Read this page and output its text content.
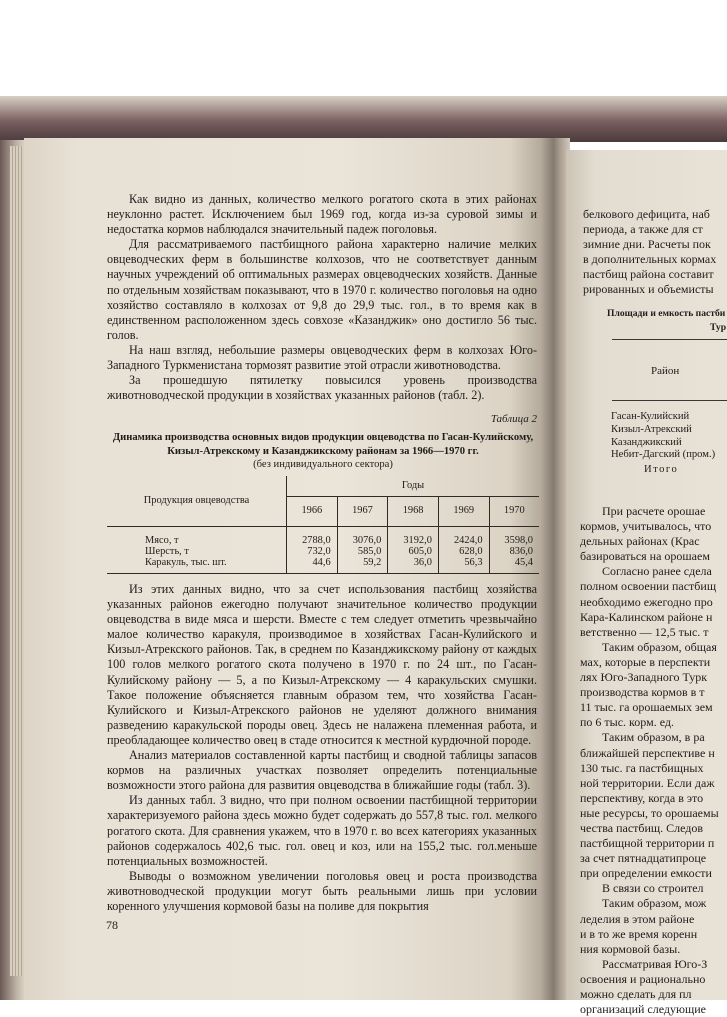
Как видно из данных, количество мелкого рогатого скота в этих районах неуклонно растет. Исключением был 1969 год, когда из-за суровой зимы и недостатка кормов наблюдался значительный падеж поголовья.

Для рассматриваемого пастбищного района характерно наличие мелких овцеводческих ферм в большинстве колхозов, что не соответствует данным научных учреждений об оптимальных размерах овцеводческих хозяйств. Данные по отдельным хозяйствам показывают, что в 1970 г. количество поголовья на одно хозяйство составляло в колхозах от 9,8 до 29,9 тыс. гол., в то время как в единственном расположенном здесь совхозе «Казанджик» оно достигло 56 тыс. голов.

На наш взгляд, небольшие размеры овцеводческих ферм в колхозах Юго-Западного Туркменистана тормозят развитие этой отрасли животноводства.

За прошедшую пятилетку повысился уровень производства животноводческой продукции в хозяйствах указанных районов (табл. 2).

Таблица 2
Динамика производства основных видов продукции овцеводства по Гасан-Кулийскому, Кизыл-Атрекскому и Казанджикскому районам за 1966—1970 гг.
(без индивидуального сектора)
Продукция овцеводства	Годы				
	1966	1967	1968	1969	1970
Мясо, т	2788,0	3076,0	3192,0	2424,0	3598,0
Шерсть, т	732,0	585,0	605,0	628,0	836,0
Каракуль, тыс. шт.	44,6	59,2	36,0	56,3	45,4

Из этих данных видно, что за счет использования пастбищ хозяйства указанных районов ежегодно получают значительное количество продукции овцеводства в виде мяса и шерсти. Вместе с тем следует отметить чрезвычайно малое количество каракуля, производимое в хозяйствах Гасан-Кулийского и Кизыл-Атрекского районов. Так, в среднем по Казанджикскому району от каждых 100 голов мелкого рогатого скота получено в 1970 г. по 24 шт., по Гасан-Кулийскому району — 5, а по Кизыл-Атрекскому — 4 каракульских смушки. Такое положение объясняется главным образом тем, что хозяйства Гасан-Кулийского и Кизыл-Атрекского районов не уделяют должного внимания разведению каракульской породы овец. Здесь не налажена племенная работа, и преобладающее количество овец в стаде относится к местной курдючной породе.

Анализ материалов составленной карты пастбищ и сводной таблицы запасов кормов на различных участках позволяет определить потенциальные возможности этого района для развития овцеводства в ближайшие годы (табл. 3).

Из данных табл. 3 видно, что при полном освоении пастбищной территории характеризуемого района здесь можно будет содержать до 557,8 тыс. гол. мелкого рогатого скота. Для сравнения укажем, что в 1970 г. во всех категориях указанных районов содержалось 402,6 тыс. гол. овец и коз, или на 155,2 тыс. гол.меньше потенциальных возможностей.

Выводы о возможном увеличении поголовья овец и роста производства животноводческой продукции могут быть реальными лишь при условии коренного улучшения кормовой базы на поливе для покрытия

78
белкового дефицита, наб
периода, а также для ст
зимние дни. Расчеты пок
в дополнительных кормах
пастбищ района составит
рированных и объемисты
Площади и емкость пастби
Тур
Район
Гасан-Кулийский
Кизыл-Атрекский
Казанджикский
Небит-Дагский (пром.)
Итого
При расчете орошае
кормов, учитывалось, что
дельных районах (Крас
базироваться на орошаем
Согласно ранее сдела
полном освоении пастбищ
необходимо ежегодно про
Кара-Калинском районе н
ветственно — 12,5 тыс. т
Таким образом, общая
мах, которые в перспекти
лях Юго-Западного Турк
производства кормов в т
11 тыс. га орошаемых зем
по 6 тыс. корм. ед.
Таким образом, в ра
ближайшей перспективе н
130 тыс. га пастбищных
ной территории. Если даж
перспективу, когда в это
ные ресурсы, то орошаемы
чества пастбищ. Следов
пастбищной территории п
за счет пятнадцатипроце
при определении емкости
В связи со строител
Таким образом, мож
леделия в этом районе
и в то же время коренн
ния кормовой базы.
Рассматривая Юго-З
освоения и рационально
можно сделать для пл
организаций следующие
